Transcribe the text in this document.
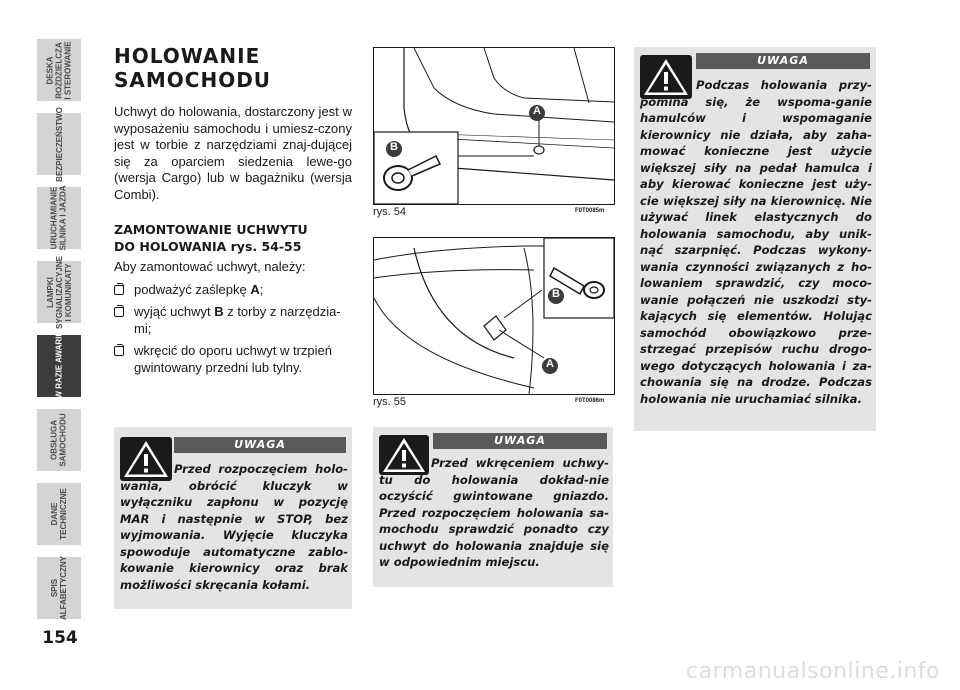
DESKA ROZDZIELCZA I STEROWANIE
BEZPIECZEŃSTWO
URUCHAMIANIE SILNIKA I JAZDA
LAMPKI SYGNALIZACYJNE I KOMUNIKATY
W RAZIE AWARII
OBSŁUGA SAMOCHODU
DANE TECHNICZNE
SPIS ALFABETYCZNY
154
HOLOWANIE
SAMOCHODU

Uchwyt do holowania, dostarczony jest w wyposażeniu samochodu i umiesz-czony jest w torbie z narzędziami znaj-dującej się za oparciem siedzenia lewe-go (wersja Cargo) lub w bagażniku (wersja Combi).

ZAMONTOWANIE UCHWYTU
DO HOLOWANIA rys. 54-55

Aby zamontować uchwyt, należy:

podważyć zaślepkę A;
wyjąć uchwyt B z torby z narzędzia-mi;
wkręcić do oporu uchwyt w trzpień gwintowany przedni lub tylny.
UWAGA

Przed rozpoczęciem holo-wania, obrócić kluczyk w wyłączniku zapłonu w pozycję MAR i następnie w STOP, bez wyjmowania. Wyjęcie kluczyka spowoduje automatyczne zablo-kowanie kierownicy oraz brak możliwości skręcania kołami.

A
B
rys. 54	F0T0085m
B
A
rys. 55	F0T0086m
UWAGA

Przed wkręceniem uchwy-tu do holowania dokład-nie oczyścić gwintowane gniazdo. Przed rozpoczęciem holowania sa-mochodu sprawdzić ponadto czy uchwyt do holowania znajduje się w odpowiednim miejscu.

UWAGA

Podczas holowania przy-pomina się, że wspoma-ganie hamulców i wspomaganie kierownicy nie działa, aby zaha-mować konieczne jest użycie większej siły na pedał hamulca i aby kierować konieczne jest uży-cie większej siły na kierownicę. Nie używać linek elastycznych do holowania samochodu, aby unik-nąć szarpnięć. Podczas wykony-wania czynności związanych z ho-lowaniem sprawdzić, czy moco-wanie połączeń nie uszkodzi sty-kających się elementów. Holując samochód obowiązkowo prze-strzegać przepisów ruchu drogo-wego dotyczących holowania i za-chowania się na drodze. Podczas holowania nie uruchamiać silnika.

carmanualsonline.info
